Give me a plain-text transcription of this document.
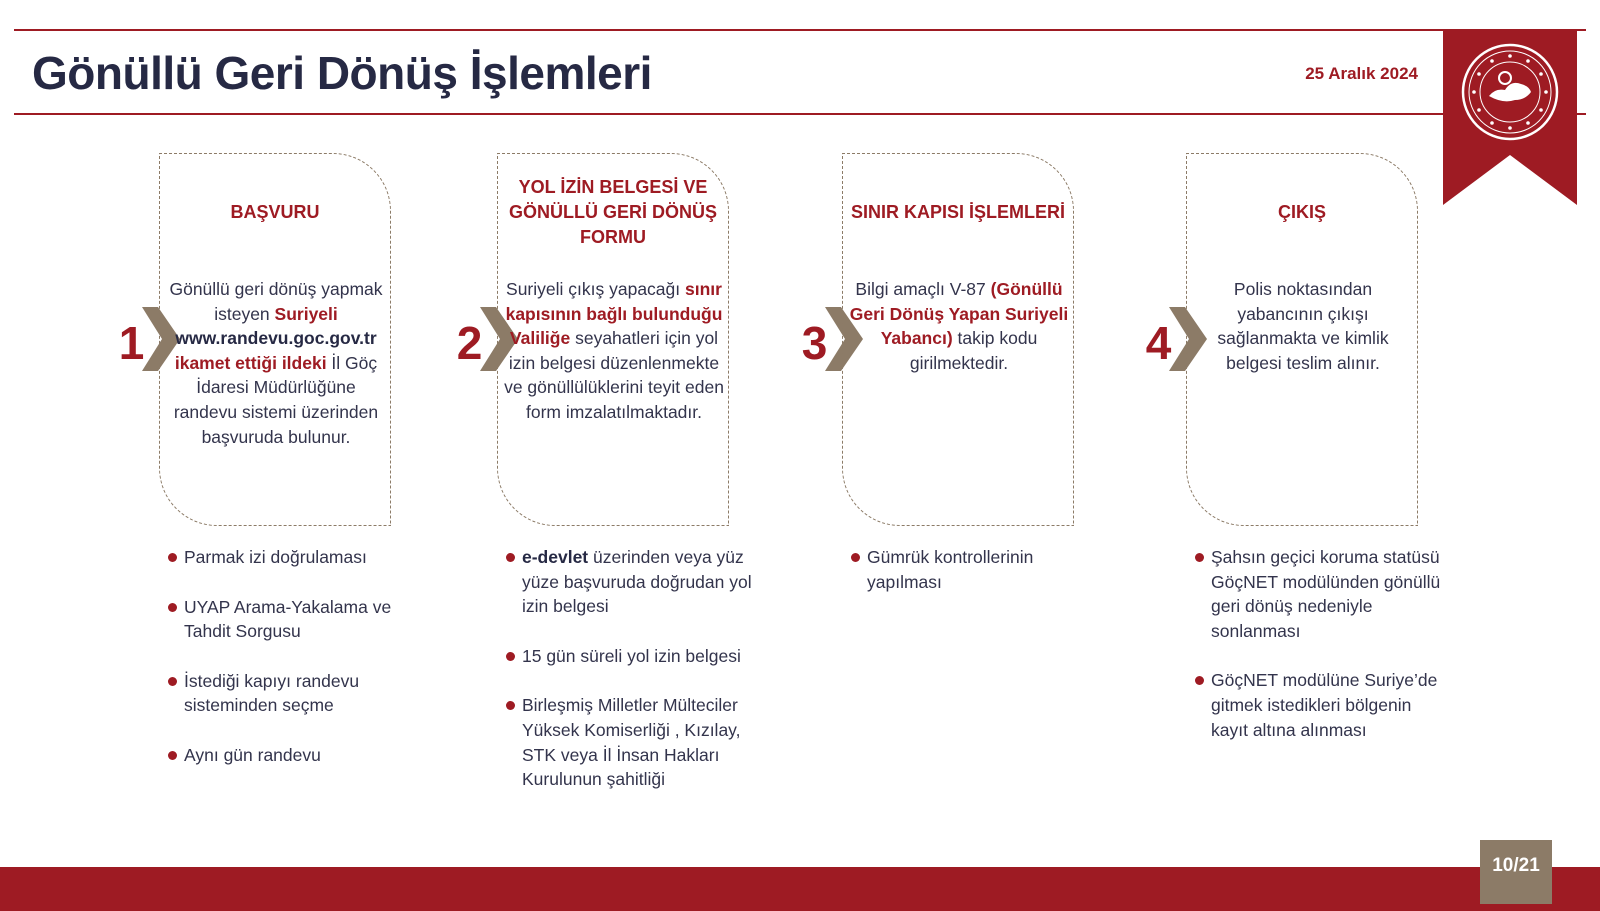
Gönüllü Geri Dönüş İşlemleri	25 Aralık 2024
1
BAŞVURU
Gönüllü geri dönüş yapmak isteyen Suriyeli www.randevu.goc.gov.tr ikamet ettiği ildeki İl Göç İdaresi Müdürlüğüne randevu sistemi üzerinden başvuruda bulunur.
Parmak izi doğrulaması
UYAP Arama-Yakalama ve Tahdit Sorgusu
İstediği kapıyı randevu sisteminden seçme
Aynı gün randevu
2
YOL İZİN BELGESİ VE GÖNÜLLÜ GERİ DÖNÜŞ FORMU
Suriyeli çıkış yapacağı sınır kapısının bağlı bulunduğu Valiliğe seyahatleri için yol izin belgesi düzenlenmekte ve gönüllülüklerini teyit eden form imzalatılmaktadır.
e-devlet üzerinden veya yüz yüze başvuruda doğrudan yol izin belgesi
15 gün süreli yol izin belgesi
Birleşmiş Milletler Mülteciler Yüksek Komiserliği , Kızılay, STK veya İl İnsan Hakları Kurulunun şahitliği
3
SINIR KAPISI İŞLEMLERİ
Bilgi amaçlı V-87 (Gönüllü Geri Dönüş Yapan Suriyeli Yabancı) takip kodu girilmektedir.
Gümrük kontrollerinin yapılması
4
ÇIKIŞ
Polis noktasından yabancının çıkışı sağlanmakta ve kimlik belgesi teslim alınır.
Şahsın geçici koruma statüsü GöçNET modülünden gönüllü geri dönüş nedeniyle sonlanması
GöçNET modülüne Suriye’de gitmek istedikleri bölgenin kayıt altına alınması
10/21
